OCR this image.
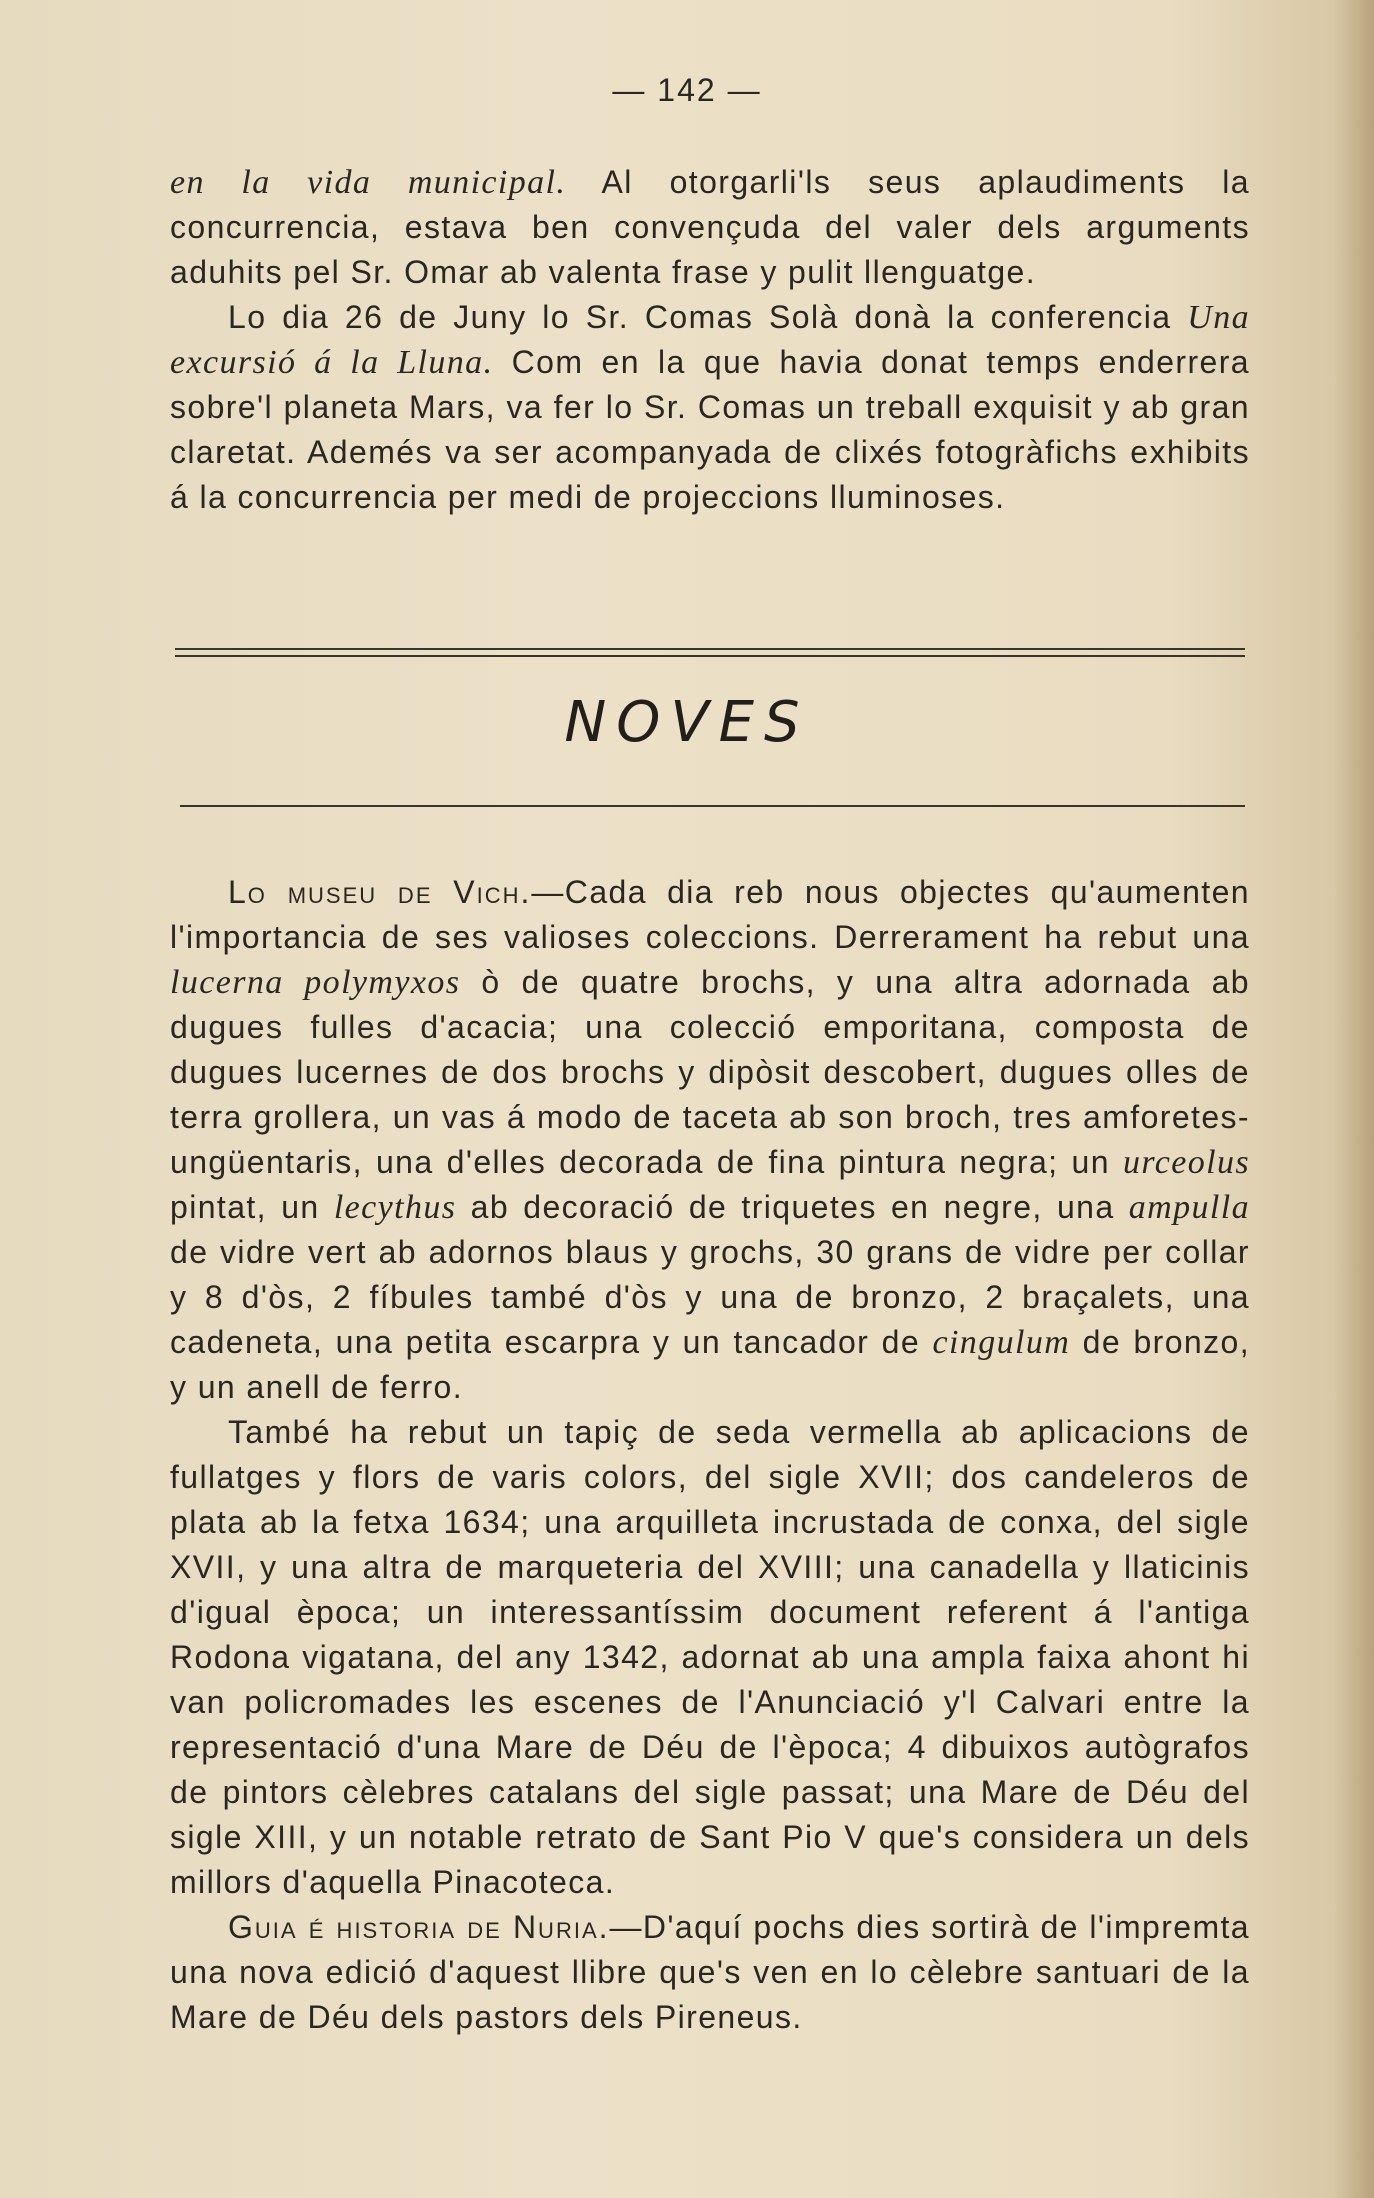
— 142 —

en la vida municipal. Al otorgarli'ls seus aplaudiments la concurrencia, estava ben convençuda del valer dels arguments aduhits pel Sr. Omar ab valenta frase y pulit llenguatge.

Lo dia 26 de Juny lo Sr. Comas Solà donà la conferencia Una excursió á la Lluna. Com en la que havia donat temps enderrera sobre'l planeta Mars, va fer lo Sr. Comas un treball exquisit y ab gran claretat. Ademés va ser acompanyada de clixés fotogràfichs exhibits á la concurrencia per medi de projeccions lluminoses.

NOVES

Lo museu de Vich.—Cada dia reb nous objectes qu'aumenten l'importancia de ses valioses coleccions. Derrerament ha rebut una lucerna polymyxos ò de quatre brochs, y una altra adornada ab dugues fulles d'acacia; una colecció emporitana, composta de dugues lucernes de dos brochs y dipòsit descobert, dugues olles de terra grollera, un vas á modo de taceta ab son broch, tres amforetes-ungüentaris, una d'elles decorada de fina pintura negra; un urceolus pintat, un lecythus ab decoració de triquetes en negre, una ampulla de vidre vert ab adornos blaus y grochs, 30 grans de vidre per collar y 8 d'òs, 2 fíbules també d'òs y una de bronzo, 2 braçalets, una cadeneta, una petita escarpra y un tancador de cingulum de bronzo, y un anell de ferro.

També ha rebut un tapiç de seda vermella ab aplicacions de fullatges y flors de varis colors, del sigle XVII; dos candeleros de plata ab la fetxa 1634; una arquilleta incrustada de conxa, del sigle XVII, y una altra de marqueteria del XVIII; una canadella y llaticinis d'igual època; un interessantíssim document referent á l'antiga Rodona vigatana, del any 1342, adornat ab una ampla faixa ahont hi van policromades les escenes de l'Anunciació y'l Calvari entre la representació d'una Mare de Déu de l'època; 4 dibuixos autògrafos de pintors cèlebres catalans del sigle passat; una Mare de Déu del sigle XIII, y un notable retrato de Sant Pio V que's considera un dels millors d'aquella Pinacoteca.

Guia é historia de Nuria.—D'aquí pochs dies sortirà de l'impremta una nova edició d'aquest llibre que's ven en lo cèlebre santuari de la Mare de Déu dels pastors dels Pireneus.
